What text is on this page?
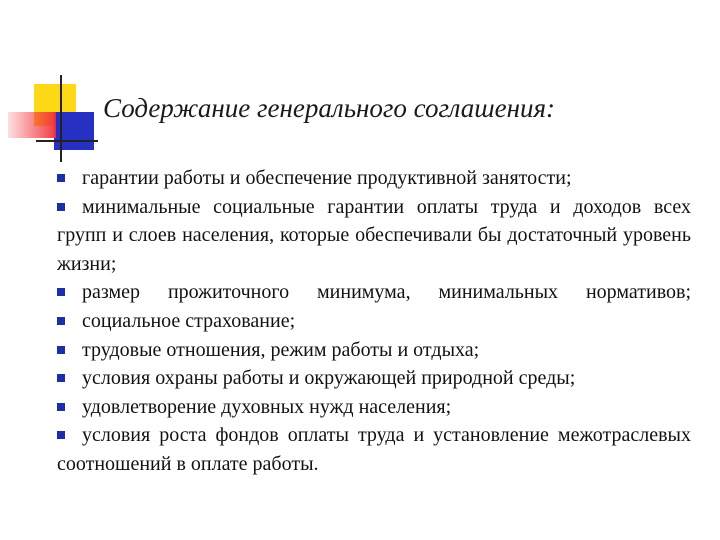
Содержание генерального соглашения:
гарантии работы и обеспечение продуктивной занятости;
минимальные социальные гарантии оплаты труда и доходов всех групп и слоев населения, которые обеспечивали бы достаточный уровень жизни;
размер прожиточного минимума, минимальных нормативов;
социальное страхование;
трудовые отношения, режим работы и отдыха;
условия охраны работы и окружающей природной среды;
удовлетворение духовных нужд населения;
условия роста фондов оплаты труда и установление межотраслевых соотношений в оплате работы.
